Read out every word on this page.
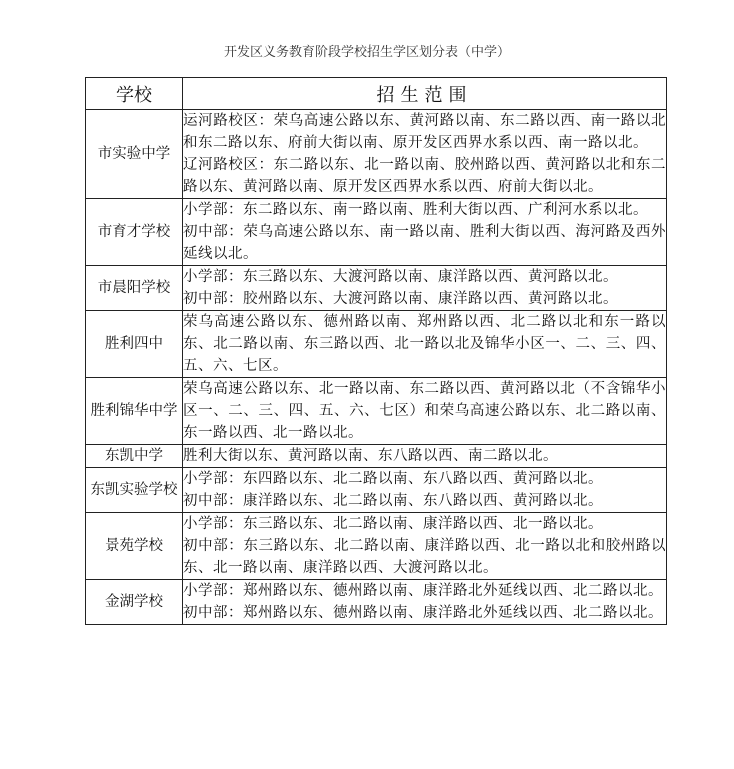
开发区义务教育阶段学校招生学区划分表（中学）
学校	招生范围
市实验中学	运河路校区：荣乌高速公路以东、黄河路以南、东二路以西、南一路以北和东二路以东、府前大街以南、原开发区西界水系以西、南一路以北。
辽河路校区：东二路以东、北一路以南、胶州路以西、黄河路以北和东二路以东、黄河路以南、原开发区西界水系以西、府前大街以北。

市育才学校	小学部：东二路以东、南一路以南、胜利大街以西、广利河水系以北。
初中部：荣乌高速公路以东、南一路以南、胜利大街以西、海河路及西外延线以北。

市晨阳学校	小学部：东三路以东、大渡河路以南、康洋路以西、黄河路以北。
初中部：胶州路以东、大渡河路以南、康洋路以西、黄河路以北。

胜利四中	荣乌高速公路以东、德州路以南、郑州路以西、北二路以北和东一路以东、北二路以南、东三路以西、北一路以北及锦华小区一、二、三、四、五、六、七区。

胜利锦华中学	荣乌高速公路以东、北一路以南、东二路以西、黄河路以北（不含锦华小区一、二、三、四、五、六、七区）和荣乌高速公路以东、北二路以南、东一路以西、北一路以北。

东凯中学	胜利大街以东、黄河路以南、东八路以西、南二路以北。

东凯实验学校	小学部：东四路以东、北二路以南、东八路以西、黄河路以北。
初中部：康洋路以东、北二路以南、东八路以西、黄河路以北。

景苑学校	小学部：东三路以东、北二路以南、康洋路以西、北一路以北。
初中部：东三路以东、北二路以南、康洋路以西、北一路以北和胶州路以东、北一路以南、康洋路以西、大渡河路以北。

金湖学校	小学部：郑州路以东、德州路以南、康洋路北外延线以西、北二路以北。
初中部：郑州路以东、德州路以南、康洋路北外延线以西、北二路以北。
